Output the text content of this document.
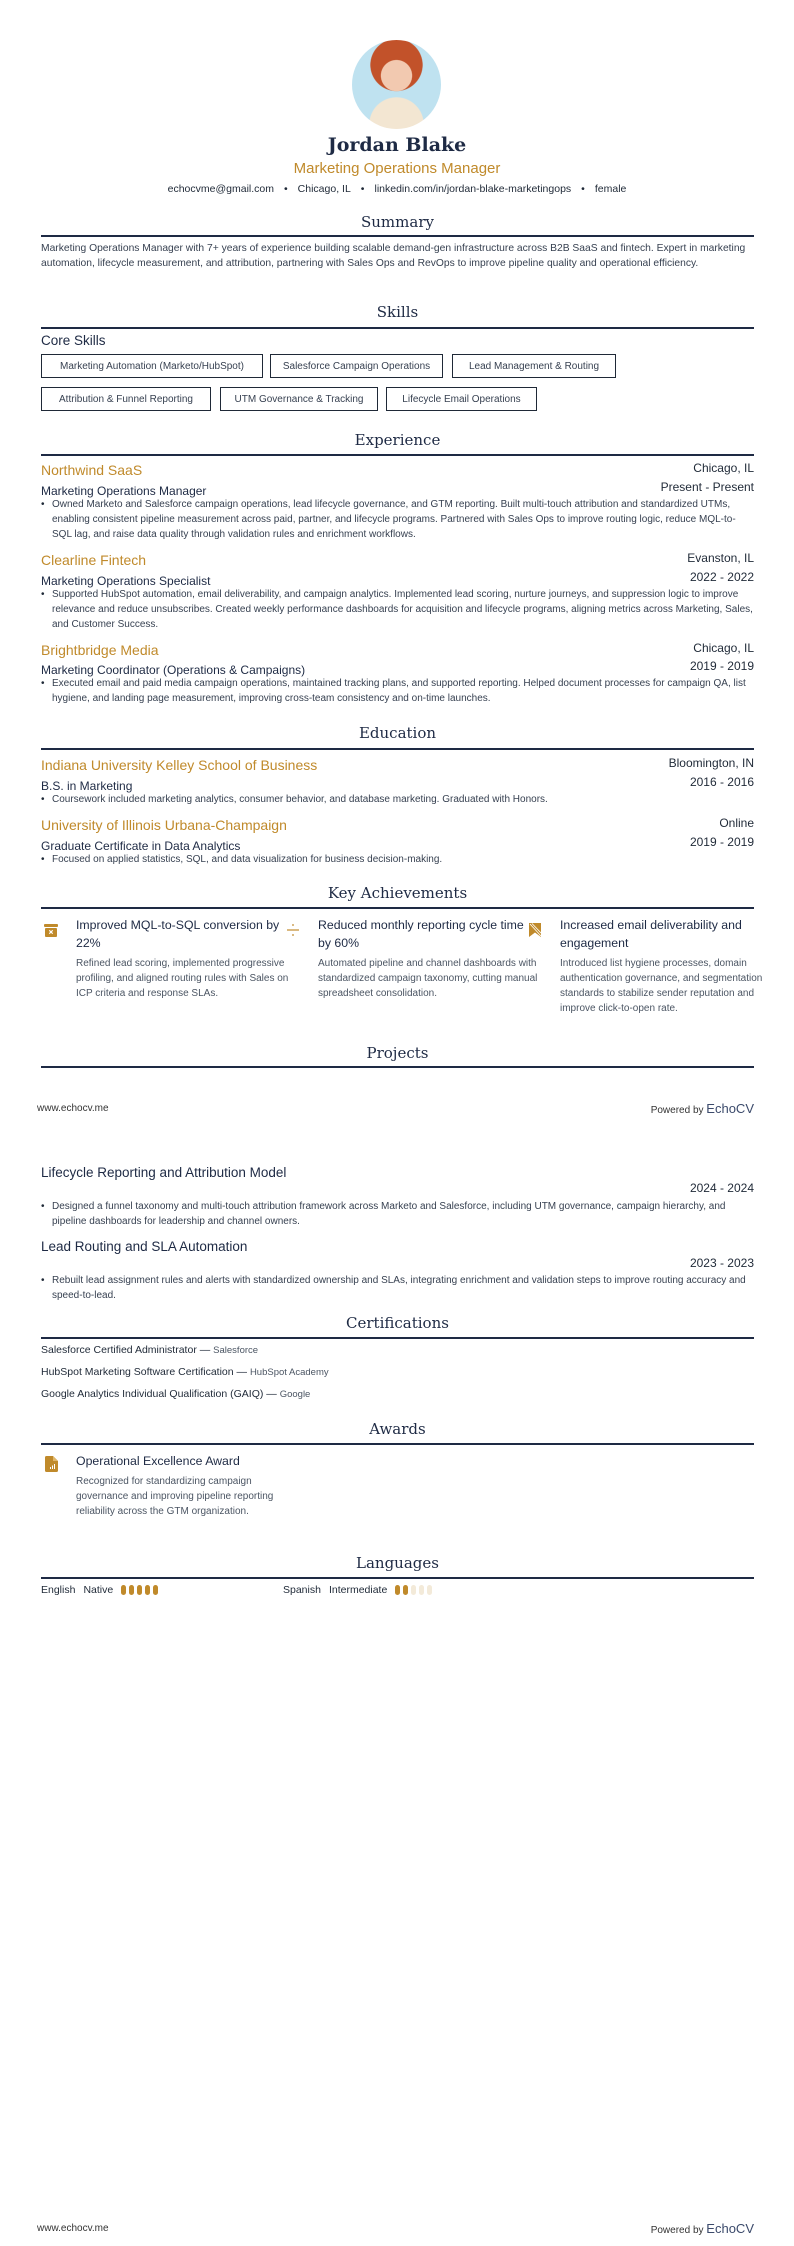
Jordan Blake
Marketing Operations Manager
echocvme@gmail.com • Chicago, IL • linkedin.com/in/jordan-blake-marketingops • female
Summary
Marketing Operations Manager with 7+ years of experience building scalable demand-gen infrastructure across B2B SaaS and fintech. Expert in marketing automation, lifecycle measurement, and attribution, partnering with Sales Ops and RevOps to improve pipeline quality and operational efficiency.
Skills
Core Skills
Marketing Automation (Marketo/HubSpot)	Salesforce Campaign Operations	Lead Management & Routing
Attribution & Funnel Reporting	UTM Governance & Tracking	Lifecycle Email Operations
Experience
Northwind SaaS	Chicago, IL
Marketing Operations Manager	Present - Present
• Owned Marketo and Salesforce campaign operations, lead lifecycle governance, and GTM reporting. Built multi-touch attribution and standardized UTMs, enabling consistent pipeline measurement across paid, partner, and lifecycle programs. Partnered with Sales Ops to improve routing logic, reduce MQL-to-SQL lag, and raise data quality through validation rules and enrichment workflows.
Clearline Fintech	Evanston, IL
Marketing Operations Specialist	2022 - 2022
• Supported HubSpot automation, email deliverability, and campaign analytics. Implemented lead scoring, nurture journeys, and suppression logic to improve relevance and reduce unsubscribes. Created weekly performance dashboards for acquisition and lifecycle programs, aligning metrics across Marketing, Sales, and Customer Success.
Brightbridge Media	Chicago, IL
Marketing Coordinator (Operations & Campaigns)	2019 - 2019
• Executed email and paid media campaign operations, maintained tracking plans, and supported reporting. Helped document processes for campaign QA, list hygiene, and landing page measurement, improving cross-team consistency and on-time launches.
Education
Indiana University Kelley School of Business	Bloomington, IN
B.S. in Marketing	2016 - 2016
• Coursework included marketing analytics, consumer behavior, and database marketing. Graduated with Honors.
University of Illinois Urbana-Champaign	Online
Graduate Certificate in Data Analytics	2019 - 2019
• Focused on applied statistics, SQL, and data visualization for business decision-making.
Key Achievements
Improved MQL-to-SQL conversion by 22%
Refined lead scoring, implemented progressive profiling, and aligned routing rules with Sales on ICP criteria and response SLAs.
Reduced monthly reporting cycle time by 60%
Automated pipeline and channel dashboards with standardized campaign taxonomy, cutting manual spreadsheet consolidation.
Increased email deliverability and engagement
Introduced list hygiene processes, domain authentication governance, and segmentation standards to stabilize sender reputation and improve click-to-open rate.
Projects
www.echocv.me	Powered by EchoCV
Lifecycle Reporting and Attribution Model
2024 - 2024
• Designed a funnel taxonomy and multi-touch attribution framework across Marketo and Salesforce, including UTM governance, campaign hierarchy, and pipeline dashboards for leadership and channel owners.
Lead Routing and SLA Automation
2023 - 2023
• Rebuilt lead assignment rules and alerts with standardized ownership and SLAs, integrating enrichment and validation steps to improve routing accuracy and speed-to-lead.
Certifications
Salesforce Certified Administrator — Salesforce
HubSpot Marketing Software Certification — HubSpot Academy
Google Analytics Individual Qualification (GAIQ) — Google
Awards
Operational Excellence Award
Recognized for standardizing campaign governance and improving pipeline reporting reliability across the GTM organization.
Languages
English Native	Spanish Intermediate
www.echocv.me	Powered by EchoCV
